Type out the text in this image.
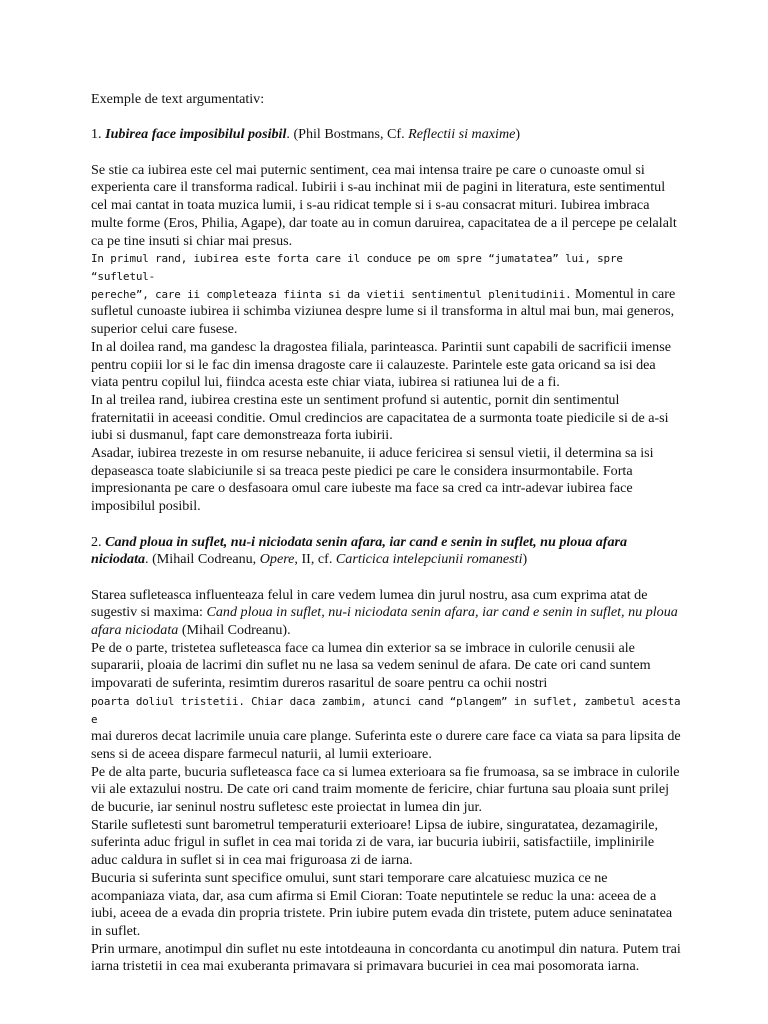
Exemple de text argumentativ:

1. Iubirea face imposibilul posibil. (Phil Bostmans, Cf. Reflectii si maxime)

Se stie ca iubirea este cel mai puternic sentiment, cea mai intensa traire pe care o cunoaste omul si experienta care il transforma radical. Iubirii i s-au inchinat mii de pagini in literatura, este sentimentul cel mai cantat in toata muzica lumii, i s-au ridicat temple si i s-au consacrat mituri. Iubirea imbraca multe forme (Eros, Philia, Agape), dar toate au in comun daruirea, capacitatea de a il percepe pe celalalt ca pe tine insuti si chiar mai presus.

In primul rand, iubirea este forta care il conduce pe om spre “jumatatea” lui, spre “sufletul-
pereche”, care ii completeaza fiinta si da vietii sentimentul plenitudinii. Momentul in care sufletul cunoaste iubirea ii schimba viziunea despre lume si il transforma in altul mai bun, mai generos, superior celui care fusese.

In al doilea rand, ma gandesc la dragostea filiala, parinteasca. Parintii sunt capabili de sacrificii imense pentru copiii lor si le fac din imensa dragoste care ii calauzeste. Parintele este gata oricand sa isi dea viata pentru copilul lui, fiindca acesta este chiar viata, iubirea si ratiunea lui de a fi.

In al treilea rand, iubirea crestina este un sentiment profund si autentic, pornit din sentimentul fraternitatii in aceeasi conditie. Omul credincios are capacitatea de a surmonta toate piedicile si de a-si iubi si dusmanul, fapt care demonstreaza forta iubirii.

Asadar, iubirea trezeste in om resurse nebanuite, ii aduce fericirea si sensul vietii, il determina sa isi depaseasca toate slabiciunile si sa treaca peste piedici pe care le considera insurmontabile. Forta impresionanta pe care o desfasoara omul care iubeste ma face sa cred ca intr-adevar iubirea face imposibilul posibil.

2. Cand ploua in suflet, nu-i niciodata senin afara, iar cand e senin in suflet, nu ploua afara niciodata. (Mihail Codreanu, Opere, II, cf. Carticica intelepciunii romanesti)

Starea sufleteasca influenteaza felul in care vedem lumea din jurul nostru, asa cum exprima atat de sugestiv si maxima: Cand ploua in suflet, nu-i niciodata senin afara, iar cand e senin in suflet, nu ploua afara niciodata (Mihail Codreanu).

Pe de o parte, tristetea sufleteasca face ca lumea din exterior sa se imbrace in culorile cenusii ale supararii, ploaia de lacrimi din suflet nu ne lasa sa vedem seninul de afara. De cate ori cand suntem impovarati de suferinta, resimtim dureros rasaritul de soare pentru ca ochii nostri
poarta doliul tristetii. Chiar daca zambim, atunci cand “plangem” in suflet, zambetul acesta e
mai dureros decat lacrimile unuia care plange. Suferinta este o durere care face ca viata sa para lipsita de sens si de aceea dispare farmecul naturii, al lumii exterioare.

Pe de alta parte, bucuria sufleteasca face ca si lumea exterioara sa fie frumoasa, sa se imbrace in culorile vii ale extazului nostru. De cate ori cand traim momente de fericire, chiar furtuna sau ploaia sunt prilej de bucurie, iar seninul nostru sufletesc este proiectat in lumea din jur.

Starile sufletesti sunt barometrul temperaturii exterioare! Lipsa de iubire, singuratatea, dezamagirile, suferinta aduc frigul in suflet in cea mai torida zi de vara, iar bucuria iubirii, satisfactiile, implinirile aduc caldura in suflet si in cea mai friguroasa zi de iarna.

Bucuria si suferinta sunt specifice omului, sunt stari temporare care alcatuiesc muzica ce ne acompaniaza viata, dar, asa cum afirma si Emil Cioran: Toate neputintele se reduc la una: aceea de a iubi, aceea de a evada din propria tristete. Prin iubire putem evada din tristete, putem aduce seninatatea in suflet.

Prin urmare, anotimpul din suflet nu este intotdeauna in concordanta cu anotimpul din natura. Putem trai iarna tristetii in cea mai exuberanta primavara si primavara bucuriei in cea mai posomorata iarna.
